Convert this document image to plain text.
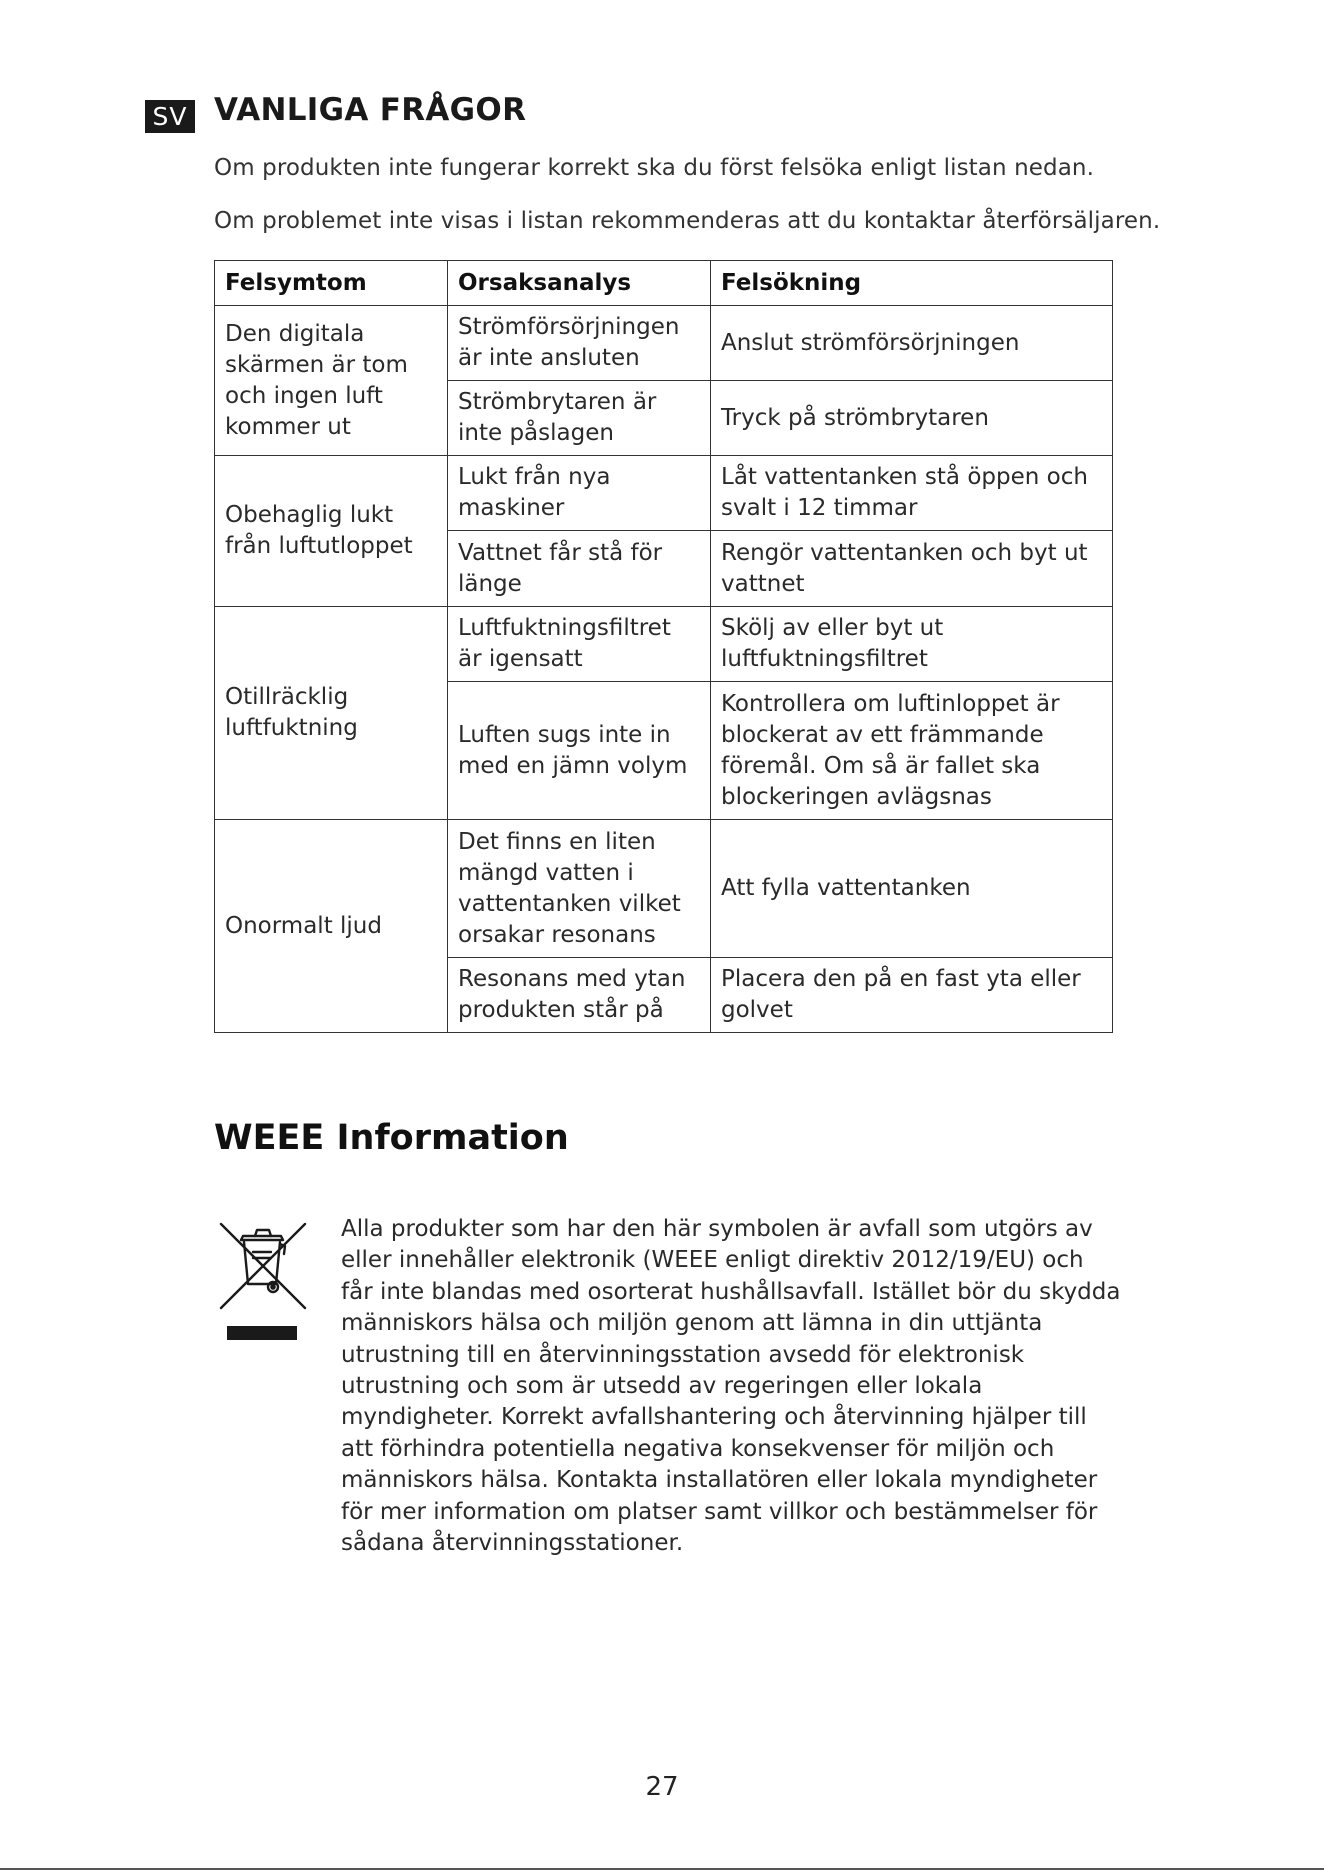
SV VANLIGA FRÅGOR
Om produkten inte fungerar korrekt ska du först felsöka enligt listan nedan.
Om problemet inte visas i listan rekommenderas att du kontaktar återförsäljaren.
Felsymtom	Orsaksanalys	Felsökning
Den digitala skärmen är tom och ingen luft kommer ut	Strömförsörjningen är inte ansluten	Anslut strömförsörjningen
	Strömbrytaren är inte påslagen	Tryck på strömbrytaren
Obehaglig lukt från luftutloppet	Lukt från nya maskiner	Låt vattentanken stå öppen och svalt i 12 timmar
	Vattnet får stå för länge	Rengör vattentanken och byt ut vattnet
Otillräcklig luftfuktning	Luftfuktningsfiltret är igensatt	Skölj av eller byt ut luftfuktningsfiltret
	Luften sugs inte in med en jämn volym	Kontrollera om luftinloppet är blockerat av ett främmande föremål. Om så är fallet ska blockeringen avlägsnas
Onormalt ljud	Det finns en liten mängd vatten i vattentanken vilket orsakar resonans	Att fylla vattentanken
	Resonans med ytan produkten står på	Placera den på en fast yta eller golvet
WEEE Information
Alla produkter som har den här symbolen är avfall som utgörs av eller innehåller elektronik (WEEE enligt direktiv 2012/19/EU) och får inte blandas med osorterat hushållsavfall. Istället bör du skydda människors hälsa och miljön genom att lämna in din uttjänta utrustning till en återvinningsstation avsedd för elektronisk utrustning och som är utsedd av regeringen eller lokala myndigheter. Korrekt avfallshantering och återvinning hjälper till att förhindra potentiella negativa konsekvenser för miljön och människors hälsa. Kontakta installatören eller lokala myndigheter för mer information om platser samt villkor och bestämmelser för sådana återvinningsstationer.
27
